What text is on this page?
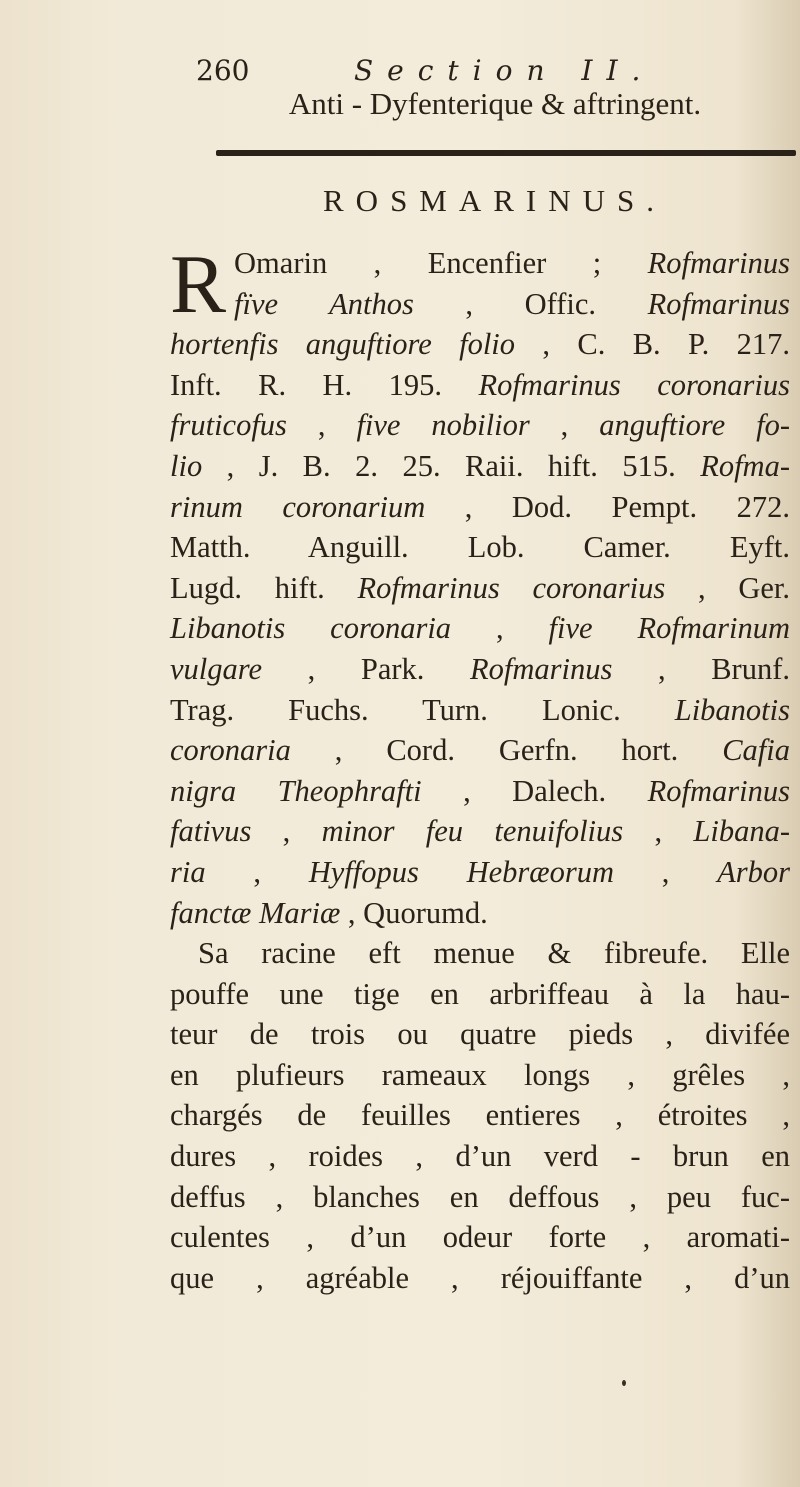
260	Section II.
Anti - Dyfenterique & aftringent.
ROSMARINUS.
R Omarin , Encenfier ; Rofmarinus
fïve Anthos , Offic. Rofmarinus
hortenfis anguftiore folio , C. B. P. 217.
Inft. R. H. 195. Rofmarinus coronarius
fruticofus , five nobilior , anguftiore fo-
lio , J. B. 2. 25. Raii. hift. 515. Rofma-
rinum coronarium , Dod. Pempt. 272.
Matth. Anguill. Lob. Camer. Eyft.
Lugd. hift. Rofmarinus coronarius , Ger.
Libanotis coronaria , five Rofmarinum
vulgare , Park. Rofmarinus , Brunf.
Trag. Fuchs. Turn. Lonic. Libanotis
coronaria , Cord. Gerfn. hort. Cafia
nigra Theophrafti , Dalech. Rofmarinus
fativus , minor feu tenuifolius , Libana-
ria , Hyffopus Hebræorum , Arbor
fanctæ Mariæ , Quorumd.
Sa racine eft menue & fibreufe. Elle
pouffe une tige en arbriffeau à la hau-
teur de trois ou quatre pieds , divifée
en plufieurs rameaux longs , grêles ,
chargés de feuilles entieres , étroites ,
dures , roides , d’un verd - brun en
deffus , blanches en deffous , peu fuc-
culentes , d’un odeur forte , aromati-
que , agréable , réjouiffante , d’un
